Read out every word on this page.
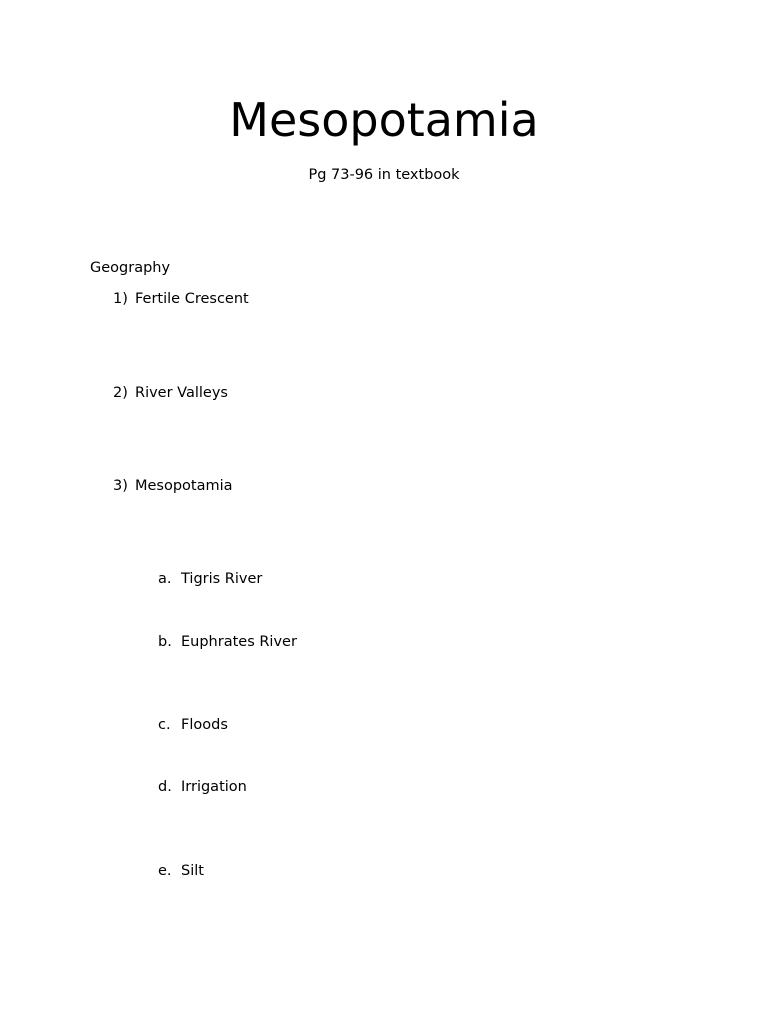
Mesopotamia
Pg 73-96 in textbook
Geography
1) Fertile Crescent
2) River Valleys
3) Mesopotamia
a. Tigris River
b. Euphrates River
c. Floods
d. Irrigation
e. Silt
